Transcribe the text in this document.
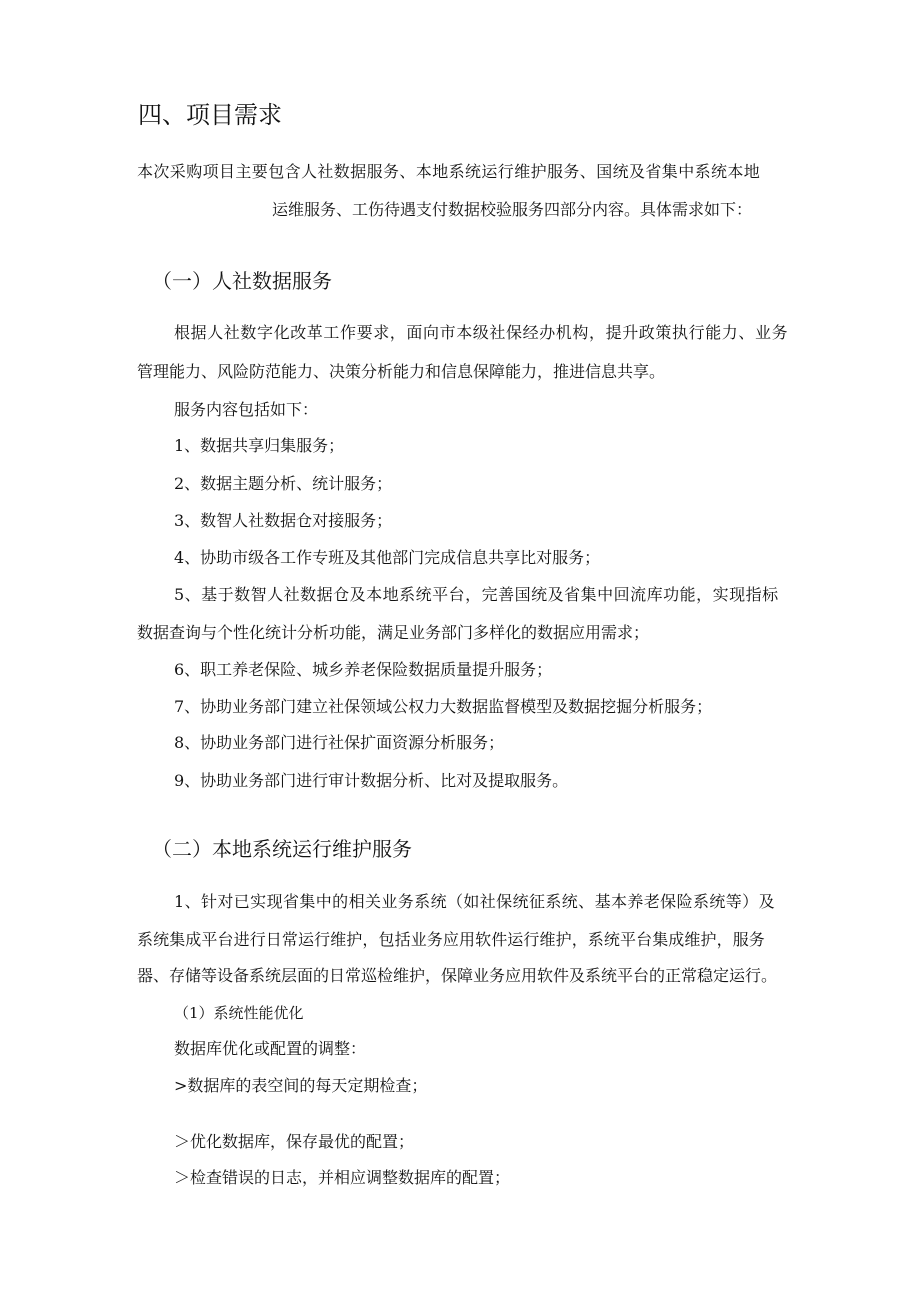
四、项目需求
本次采购项目主要包含人社数据服务、本地系统运行维护服务、国统及省集中系统本地
运维服务、工伤待遇支付数据校验服务四部分内容。具体需求如下：
（一）人社数据服务
根据人社数字化改革工作要求，面向市本级社保经办机构，提升政策执行能力、业务
管理能力、风险防范能力、决策分析能力和信息保障能力，推进信息共享。
服务内容包括如下：
1、数据共享归集服务；
2、数据主题分析、统计服务；
3、数智人社数据仓对接服务；
4、协助市级各工作专班及其他部门完成信息共享比对服务；
5、基于数智人社数据仓及本地系统平台，完善国统及省集中回流库功能，实现指标
数据查询与个性化统计分析功能，满足业务部门多样化的数据应用需求；
6、职工养老保险、城乡养老保险数据质量提升服务；
7、协助业务部门建立社保领域公权力大数据监督模型及数据挖掘分析服务；
8、协助业务部门进行社保扩面资源分析服务；
9、协助业务部门进行审计数据分析、比对及提取服务。
（二）本地系统运行维护服务
1、针对已实现省集中的相关业务系统（如社保统征系统、基本养老保险系统等）及
系统集成平台进行日常运行维护，包括业务应用软件运行维护，系统平台集成维护，服务
器、存储等设备系统层面的日常巡检维护，保障业务应用软件及系统平台的正常稳定运行。
（1）系统性能优化
数据库优化或配置的调整：
>数据库的表空间的每天定期检查；
＞优化数据库，保存最优的配置；
＞检查错误的日志，并相应调整数据库的配置；
